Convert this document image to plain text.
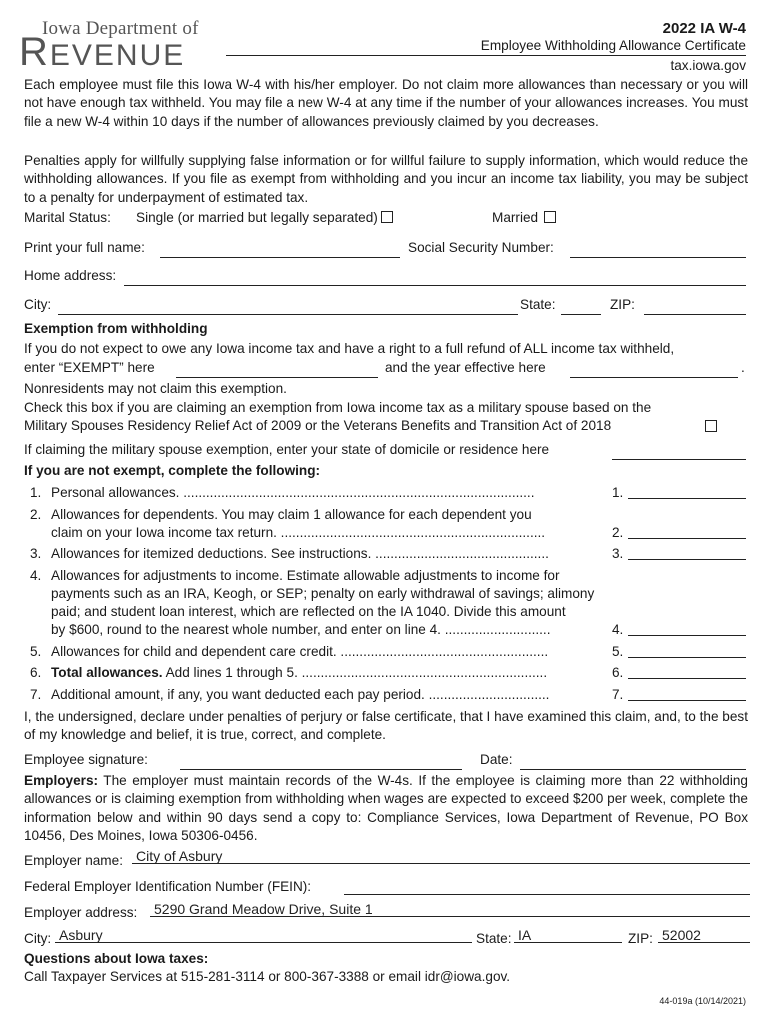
Iowa Department of
REVENUE
2022 IA W-4
Employee Withholding Allowance Certificate
tax.iowa.gov
Each employee must file this Iowa W-4 with his/her employer. Do not claim more allowances than necessary or you will not have enough tax withheld. You may file a new W-4 at any time if the number of your allowances increases. You must file a new W-4 within 10 days if the number of allowances previously claimed by you decreases.
Penalties apply for willfully supplying false information or for willful failure to supply information, which would reduce the withholding allowances. If you file as exempt from withholding and you incur an income tax liability, you may be subject to a penalty for underpayment of estimated tax.
Marital Status: Single (or married but legally separated)	Married
Print your full name:	Social Security Number:
Home address:
City:	State:	ZIP:
Exemption from withholding
If you do not expect to owe any Iowa income tax and have a right to a full refund of ALL income tax withheld,
enter “EXEMPT” here	and the year effective here	.
Nonresidents may not claim this exemption.
Check this box if you are claiming an exemption from Iowa income tax as a military spouse based on the
Military Spouses Residency Relief Act of 2009 or the Veterans Benefits and Transition Act of 2018
If claiming the military spouse exemption, enter your state of domicile or residence here
If you are not exempt, complete the following:
1. Personal allowances. .............................................................................................	1.
2. Allowances for dependents. You may claim 1 allowance for each dependent you
claim on your Iowa income tax return. ......................................................................	2.
3. Allowances for itemized deductions. See instructions. ..............................................	3.
4. Allowances for adjustments to income. Estimate allowable adjustments to income for
payments such as an IRA, Keogh, or SEP; penalty on early withdrawal of savings; alimony
paid; and student loan interest, which are reflected on the IA 1040. Divide this amount
by $600, round to the nearest whole number, and enter on line 4. ............................	4.
5. Allowances for child and dependent care credit. .......................................................	5.
6. Total allowances. Add lines 1 through 5. .................................................................	6.
7. Additional amount, if any, you want deducted each pay period. ................................	7.
I, the undersigned, declare under penalties of perjury or false certificate, that I have examined this claim, and, to the best of my knowledge and belief, it is true, correct, and complete.
Employee signature:	Date:
Employers: The employer must maintain records of the W-4s. If the employee is claiming more than 22 withholding allowances or is claiming exemption from withholding when wages are expected to exceed $200 per week, complete the information below and within 90 days send a copy to: Compliance Services, Iowa Department of Revenue, PO Box 10456, Des Moines, Iowa 50306-0456.
Employer name: City of Asbury
Federal Employer Identification Number (FEIN):
Employer address: 5290 Grand Meadow Drive, Suite 1
City: Asbury	State: IA	ZIP: 52002
Questions about Iowa taxes:
Call Taxpayer Services at 515-281-3114 or 800-367-3388 or email idr@iowa.gov.
44-019a (10/14/2021)
